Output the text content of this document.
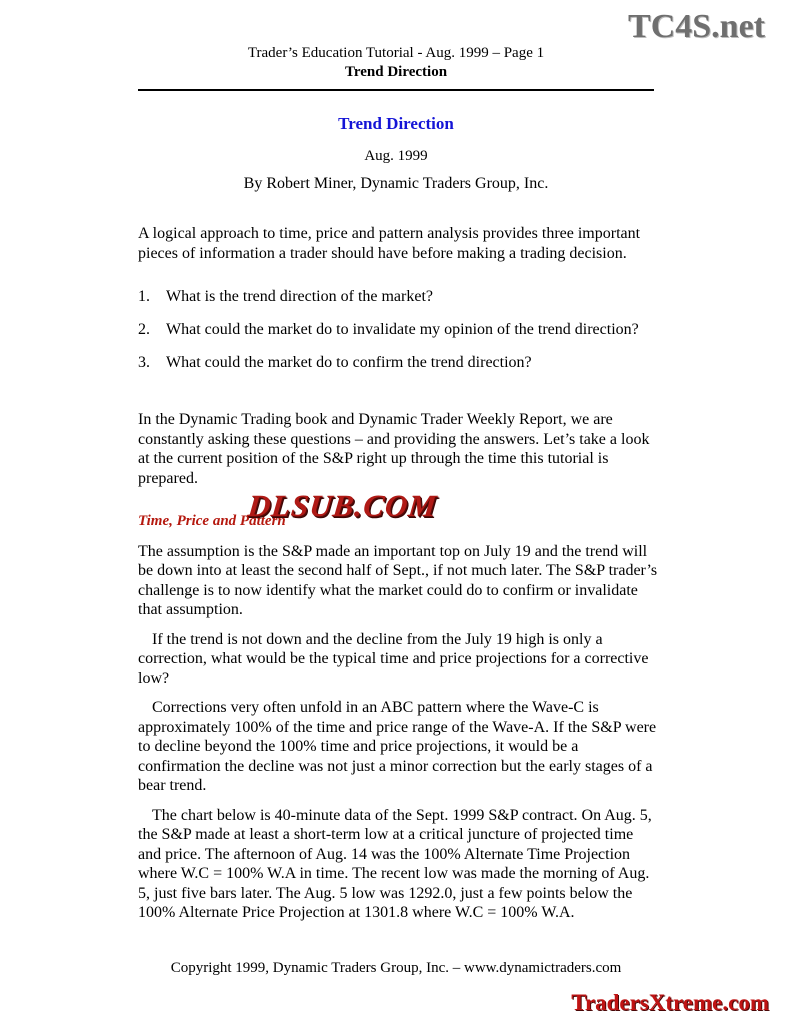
TC4S.net
Trader’s Education Tutorial - Aug. 1999 – Page 1
Trend Direction
Trend Direction
Aug. 1999
By Robert Miner, Dynamic Traders Group, Inc.

A logical approach to time, price and pattern analysis provides three important pieces of information a trader should have before making a trading decision.

1. What is the trend direction of the market?
2. What could the market do to invalidate my opinion of the trend direction?
3. What could the market do to confirm the trend direction?

In the Dynamic Trading book and Dynamic Trader Weekly Report, we are constantly asking these questions – and providing the answers. Let’s take a look at the current position of the S&P right up through the time this tutorial is prepared.

Time, Price and Pattern

The assumption is the S&P made an important top on July 19 and the trend will be down into at least the second half of Sept., if not much later. The S&P trader’s challenge is to now identify what the market could do to confirm or invalidate that assumption.

If the trend is not down and the decline from the July 19 high is only a correction, what would be the typical time and price projections for a corrective low?

Corrections very often unfold in an ABC pattern where the Wave-C is approximately 100% of the time and price range of the Wave-A. If the S&P were to decline beyond the 100% time and price projections, it would be a confirmation the decline was not just a minor correction but the early stages of a bear trend.

The chart below is 40-minute data of the Sept. 1999 S&P contract. On Aug. 5, the S&P made at least a short-term low at a critical juncture of projected time and price. The afternoon of Aug. 14 was the 100% Alternate Time Projection where W.C = 100% W.A in time. The recent low was made the morning of Aug. 5, just five bars later. The Aug. 5 low was 1292.0, just a few points below the 100% Alternate Price Projection at 1301.8 where W.C = 100% W.A.

DLSUB.COM
Copyright 1999, Dynamic Traders Group, Inc. – www.dynamictraders.com
TradersXtreme.com
